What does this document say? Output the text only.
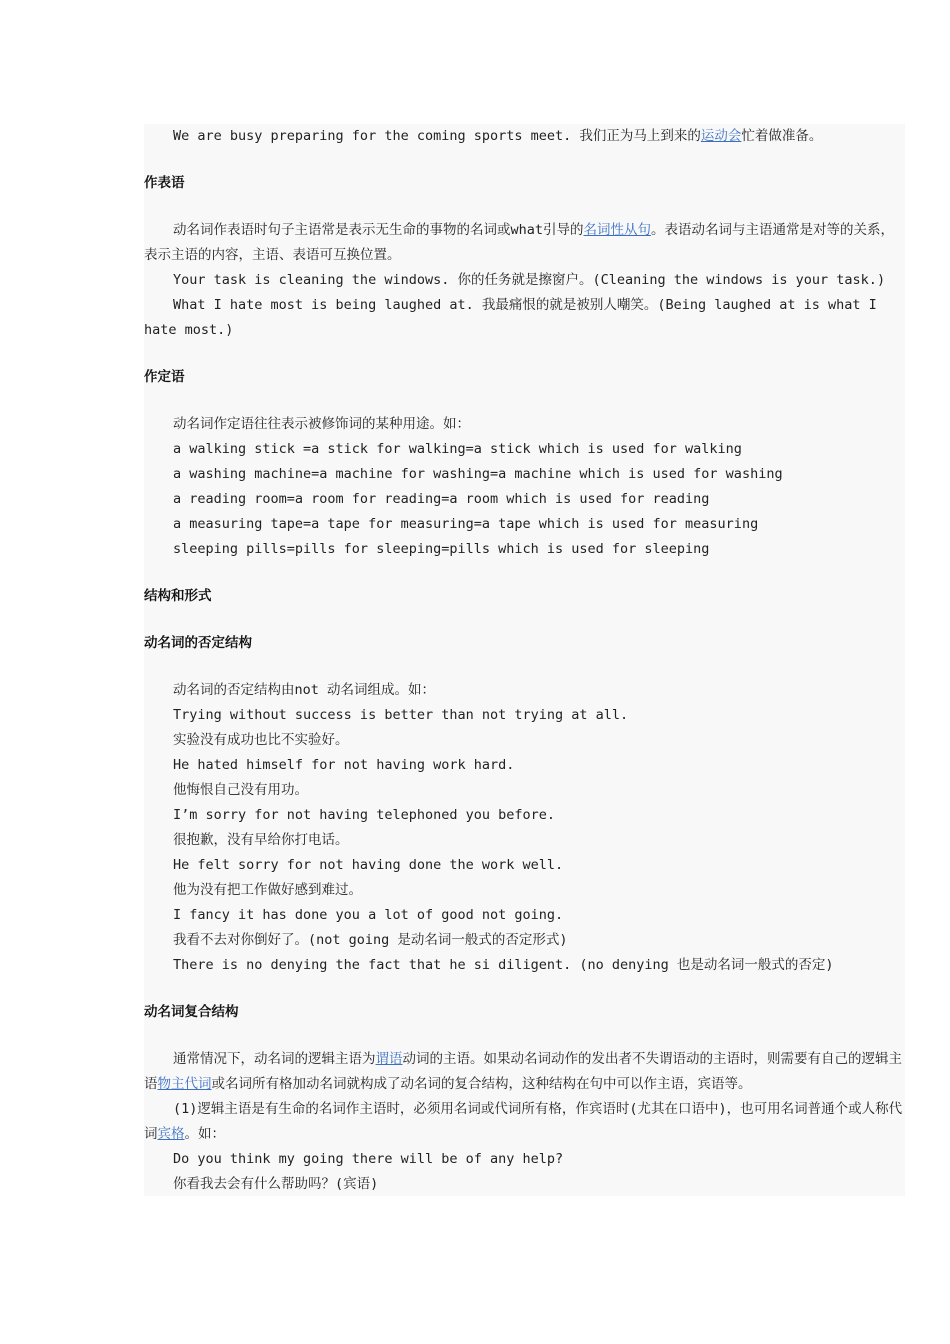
We are busy preparing for the coming sports meet. 我们正为马上到来的运动会忙着做准备。
作表语
动名词作表语时句子主语常是表示无生命的事物的名词或what引导的名词性从句。表语动名词与主语通常是对等的关系，表示主语的内容，主语、表语可互换位置。
Your task is cleaning the windows. 你的任务就是擦窗户。(Cleaning the windows is your task.)
What I hate most is being laughed at. 我最痛恨的就是被别人嘲笑。(Being laughed at is what I hate most.)
作定语
动名词作定语往往表示被修饰词的某种用途。如：
a walking stick =a stick for walking=a stick which is used for walking
a washing machine=a machine for washing=a machine which is used for washing
a reading room=a room for reading=a room which is used for reading
a measuring tape=a tape for measuring=a tape which is used for measuring
sleeping pills=pills for sleeping=pills which is used for sleeping
结构和形式
动名词的否定结构
动名词的否定结构由not 动名词组成。如：
Trying without success is better than not trying at all.
实验没有成功也比不实验好。
He hated himself for not having work hard.
他悔恨自己没有用功。
I’m sorry for not having telephoned you before.
很抱歉，没有早给你打电话。
He felt sorry for not having done the work well.
他为没有把工作做好感到难过。
I fancy it has done you a lot of good not going.
我看不去对你倒好了。(not going 是动名词一般式的否定形式)
There is no denying the fact that he si diligent. (no denying 也是动名词一般式的否定)
动名词复合结构
通常情况下，动名词的逻辑主语为谓语动词的主语。如果动名词动作的发出者不失谓语动的主语时，则需要有自己的逻辑主语物主代词或名词所有格加动名词就构成了动名词的复合结构，这种结构在句中可以作主语，宾语等。
(1)逻辑主语是有生命的名词作主语时，必须用名词或代词所有格，作宾语时(尤其在口语中)，也可用名词普通个或人称代词宾格。如：
Do you think my going there will be of any help?
你看我去会有什么帮助吗？(宾语)
